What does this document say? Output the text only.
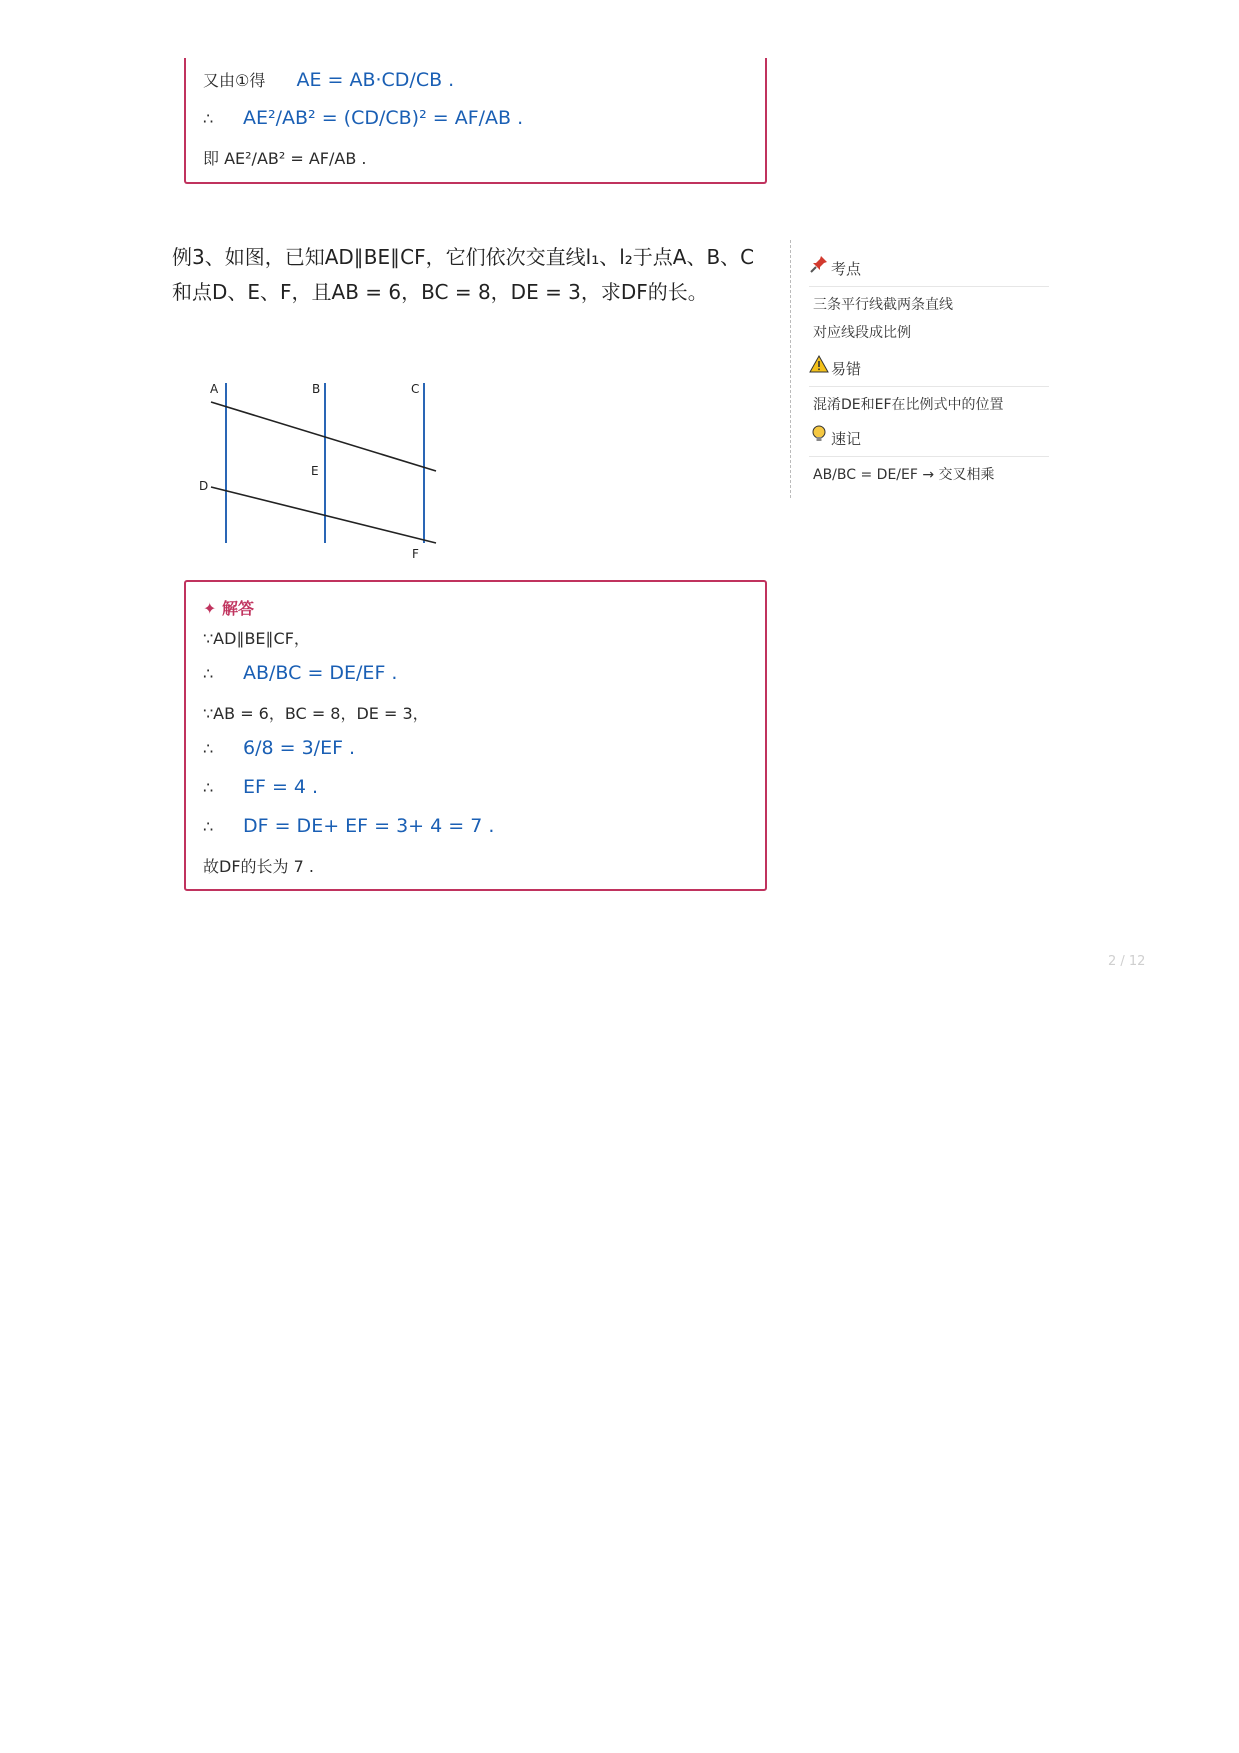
又由①得 AE = AB·CD/CB .
∴ AE²/AB² = (CD/CB)² = AF/AB .
即 AE²/AB² = AF/AB .
例3、如图，已知AD∥BE∥CF，它们依次交直线l₁、l₂于点A、B、C和点D、E、F，且AB = 6，BC = 8，DE = 3，求DF的长。
A	B	C
D
E
F
考点
三条平行线截两条直线
对应线段成比例
易错
混淆DE和EF在比例式中的位置
速记
AB/BC = DE/EF → 交叉相乘
✦ 解答
∵AD∥BE∥CF，
∴ AB/BC = DE/EF .
∵AB = 6，BC = 8，DE = 3，
∴ 6/8 = 3/EF .
∴ EF = 4 .
∴ DF = DE+ EF = 3+ 4 = 7 .
故DF的长为 7 .
2 / 12
